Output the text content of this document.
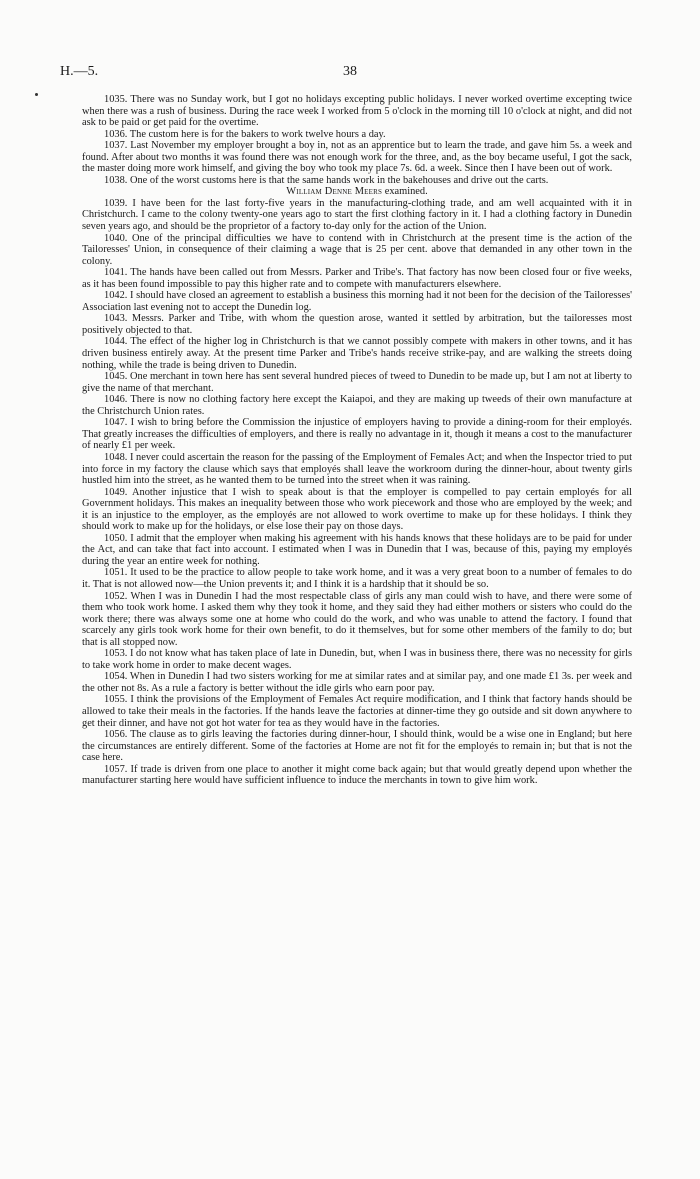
H.—5.	38

1035. There was no Sunday work, but I got no holidays excepting public holidays. I never worked overtime excepting twice when there was a rush of business. During the race week I worked from 5 o'clock in the morning till 10 o'clock at night, and did not ask to be paid or get paid for the overtime.

1036. The custom here is for the bakers to work twelve hours a day.

1037. Last November my employer brought a boy in, not as an apprentice but to learn the trade, and gave him 5s. a week and found. After about two months it was found there was not enough work for the three, and, as the boy became useful, I got the sack, the master doing more work himself, and giving the boy who took my place 7s. 6d. a week. Since then I have been out of work.

1038. One of the worst customs here is that the same hands work in the bakehouses and drive out the carts.

William Denne Meers examined.

1039. I have been for the last forty-five years in the manufacturing-clothing trade, and am well acquainted with it in Christchurch. I came to the colony twenty-one years ago to start the first clothing factory in it. I had a clothing factory in Dunedin seven years ago, and should be the proprietor of a factory to-day only for the action of the Union.

1040. One of the principal difficulties we have to contend with in Christchurch at the present time is the action of the Tailoresses' Union, in consequence of their claiming a wage that is 25 per cent. above that demanded in any other town in the colony.

1041. The hands have been called out from Messrs. Parker and Tribe's. That factory has now been closed four or five weeks, as it has been found impossible to pay this higher rate and to compete with manufacturers elsewhere.

1042. I should have closed an agreement to establish a business this morning had it not been for the decision of the Tailoresses' Association last evening not to accept the Dunedin log.

1043. Messrs. Parker and Tribe, with whom the question arose, wanted it settled by arbitration, but the tailoresses most positively objected to that.

1044. The effect of the higher log in Christchurch is that we cannot possibly compete with makers in other towns, and it has driven business entirely away. At the present time Parker and Tribe's hands receive strike-pay, and are walking the streets doing nothing, while the trade is being driven to Dunedin.

1045. One merchant in town here has sent several hundred pieces of tweed to Dunedin to be made up, but I am not at liberty to give the name of that merchant.

1046. There is now no clothing factory here except the Kaiapoi, and they are making up tweeds of their own manufacture at the Christchurch Union rates.

1047. I wish to bring before the Commission the injustice of employers having to provide a dining-room for their employés. That greatly increases the difficulties of employers, and there is really no advantage in it, though it means a cost to the manufacturer of nearly £1 per week.

1048. I never could ascertain the reason for the passing of the Employment of Females Act; and when the Inspector tried to put into force in my factory the clause which says that employés shall leave the workroom during the dinner-hour, about twenty girls hustled him into the street, as he wanted them to be turned into the street when it was raining.

1049. Another injustice that I wish to speak about is that the employer is compelled to pay certain employés for all Government holidays. This makes an inequality between those who work piecework and those who are employed by the week; and it is an injustice to the employer, as the employés are not allowed to work overtime to make up for these holidays. I think they should work to make up for the holidays, or else lose their pay on those days.

1050. I admit that the employer when making his agreement with his hands knows that these holidays are to be paid for under the Act, and can take that fact into account. I estimated when I was in Dunedin that I was, because of this, paying my employés during the year an entire week for nothing.

1051. It used to be the practice to allow people to take work home, and it was a very great boon to a number of females to do it. That is not allowed now—the Union prevents it; and I think it is a hardship that it should be so.

1052. When I was in Dunedin I had the most respectable class of girls any man could wish to have, and there were some of them who took work home. I asked them why they took it home, and they said they had either mothers or sisters who could do the work there; there was always some one at home who could do the work, and who was unable to attend the factory. I found that scarcely any girls took work home for their own benefit, to do it themselves, but for some other members of the family to do; but that is all stopped now.

1053. I do not know what has taken place of late in Dunedin, but, when I was in business there, there was no necessity for girls to take work home in order to make decent wages.

1054. When in Dunedin I had two sisters working for me at similar rates and at similar pay, and one made £1 3s. per week and the other not 8s. As a rule a factory is better without the idle girls who earn poor pay.

1055. I think the provisions of the Employment of Females Act require modification, and I think that factory hands should be allowed to take their meals in the factories. If the hands leave the factories at dinner-time they go outside and sit down anywhere to get their dinner, and have not got hot water for tea as they would have in the factories.

1056. The clause as to girls leaving the factories during dinner-hour, I should think, would be a wise one in England; but here the circumstances are entirely different. Some of the factories at Home are not fit for the employés to remain in; but that is not the case here.

1057. If trade is driven from one place to another it might come back again; but that would greatly depend upon whether the manufacturer starting here would have sufficient influence to induce the merchants in town to give him work.
